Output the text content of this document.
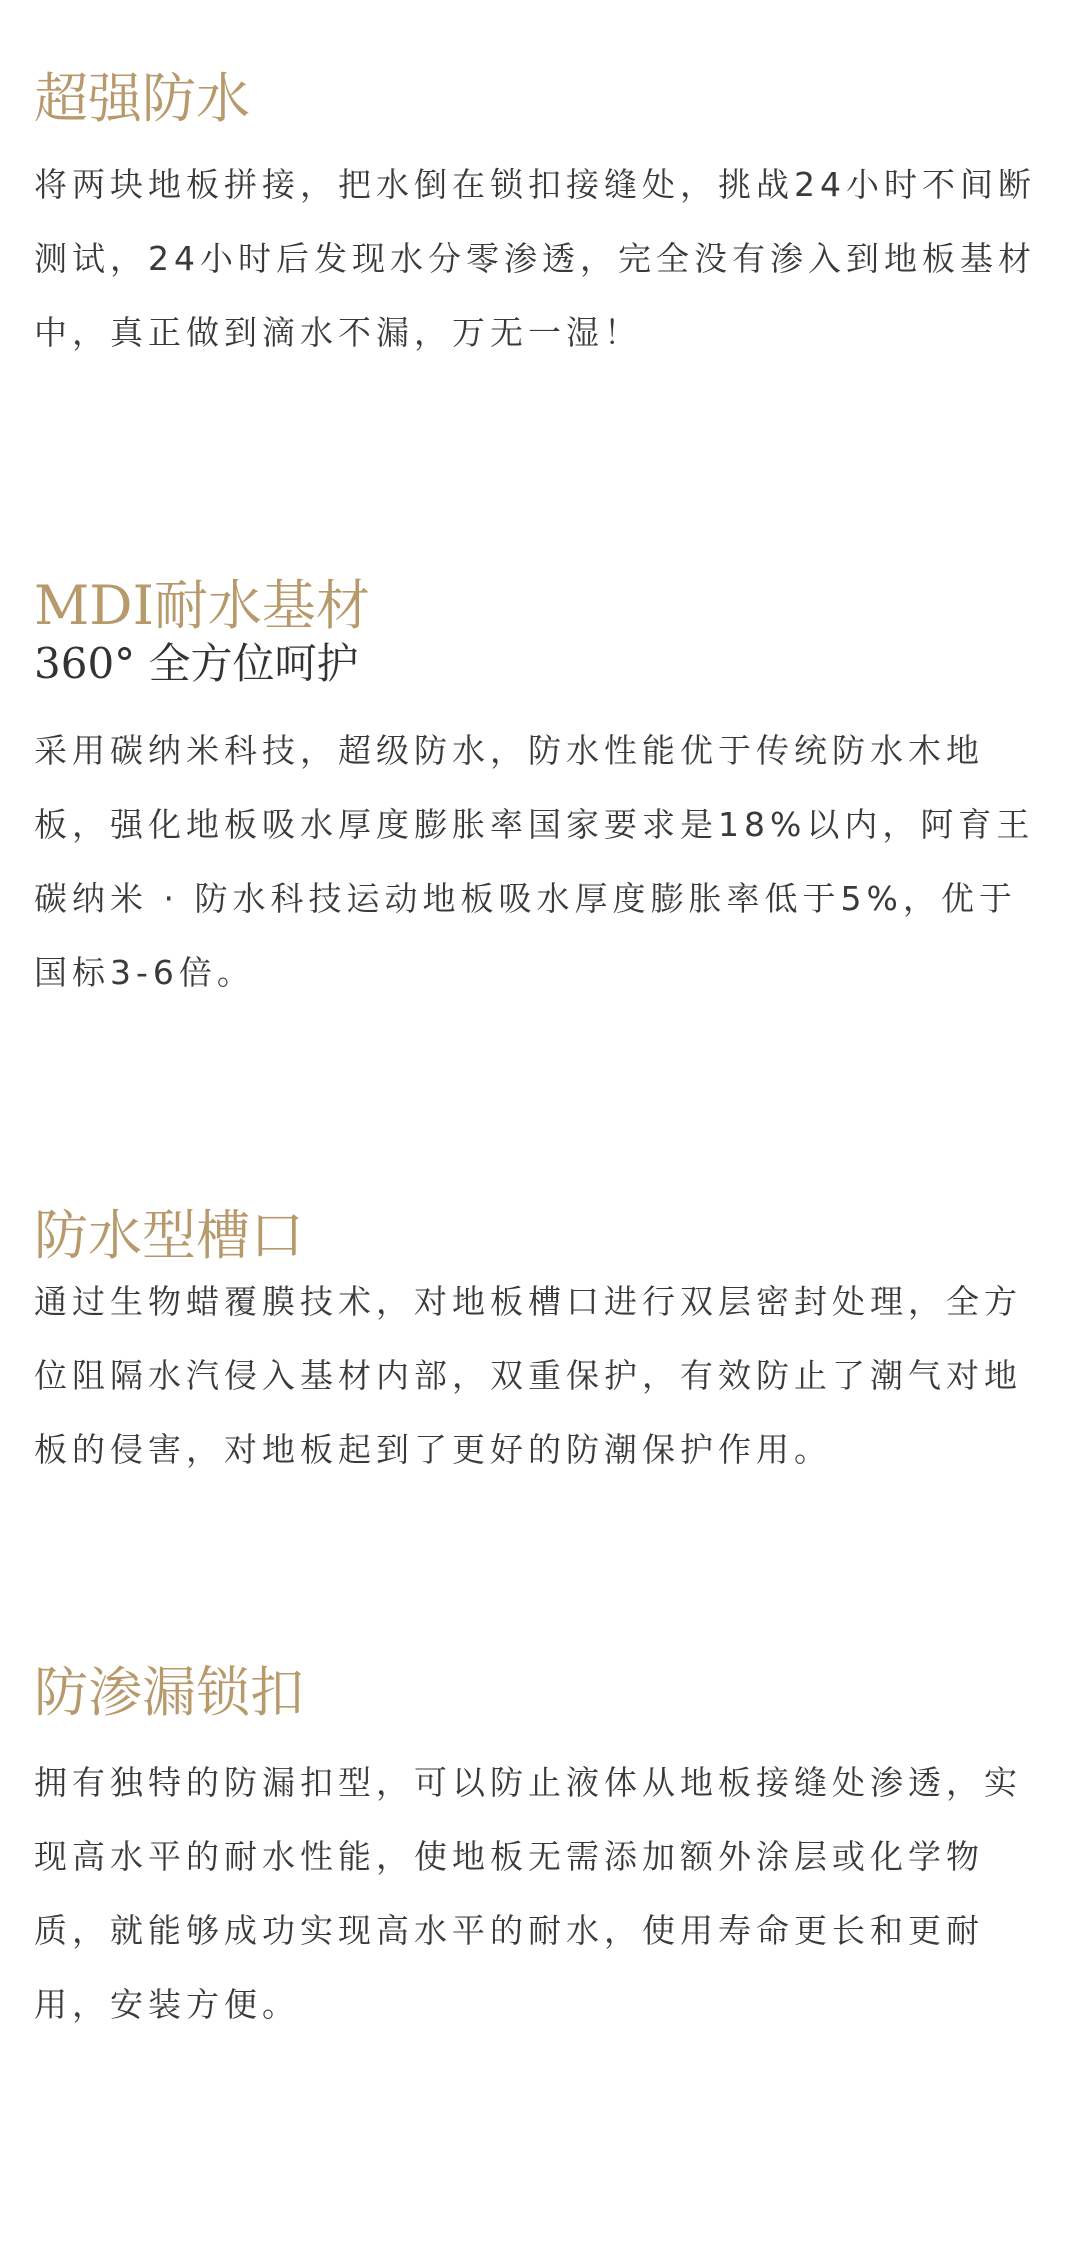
超强防水

将两块地板拼接，把水倒在锁扣接缝处，挑战24小时不间断测试，24小时后发现水分零渗透，完全没有渗入到地板基材中，真正做到滴水不漏，万无一湿！

MDI耐水基材

360° 全方位呵护

采用碳纳米科技，超级防水，防水性能优于传统防水木地板，强化地板吸水厚度膨胀率国家要求是18%以内，阿育王碳纳米 · 防水科技运动地板吸水厚度膨胀率低于5%，优于国标3-6倍。

防水型槽口

通过生物蜡覆膜技术，对地板槽口进行双层密封处理，全方位阻隔水汽侵入基材内部，双重保护，有效防止了潮气对地板的侵害，对地板起到了更好的防潮保护作用。

防渗漏锁扣

拥有独特的防漏扣型，可以防止液体从地板接缝处渗透，实现高水平的耐水性能，使地板无需添加额外涂层或化学物质，就能够成功实现高水平的耐水，使用寿命更长和更耐用，安装方便。
